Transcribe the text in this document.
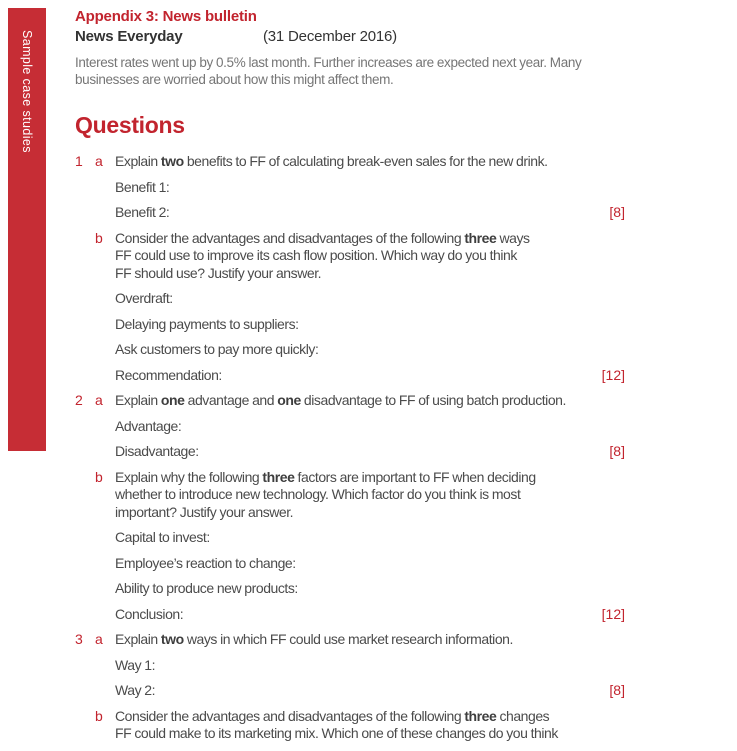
Sample case studies
Appendix 3: News bulletin
News Everyday	(31 December 2016)

Interest rates went up by 0.5% last month. Further increases are expected next year. Many
businesses are worried about how this might affect them.

Questions
1 a Explain two benefits to FF of calculating break-even sales for the new drink.
Benefit 1:
Benefit 2:	[8]
b Consider the advantages and disadvantages of the following three ways
FF could use to improve its cash flow position. Which way do you think
FF should use? Justify your answer.
Overdraft:
Delaying payments to suppliers:
Ask customers to pay more quickly:
Recommendation:	[12]
2 a Explain one advantage and one disadvantage to FF of using batch production.
Advantage:
Disadvantage:	[8]
b Explain why the following three factors are important to FF when deciding
whether to introduce new technology. Which factor do you think is most
important? Justify your answer.
Capital to invest:
Employee’s reaction to change:
Ability to produce new products:
Conclusion:	[12]
3 a Explain two ways in which FF could use market research information.
Way 1:
Way 2:	[8]
b Consider the advantages and disadvantages of the following three changes
FF could make to its marketing mix. Which one of these changes do you think
